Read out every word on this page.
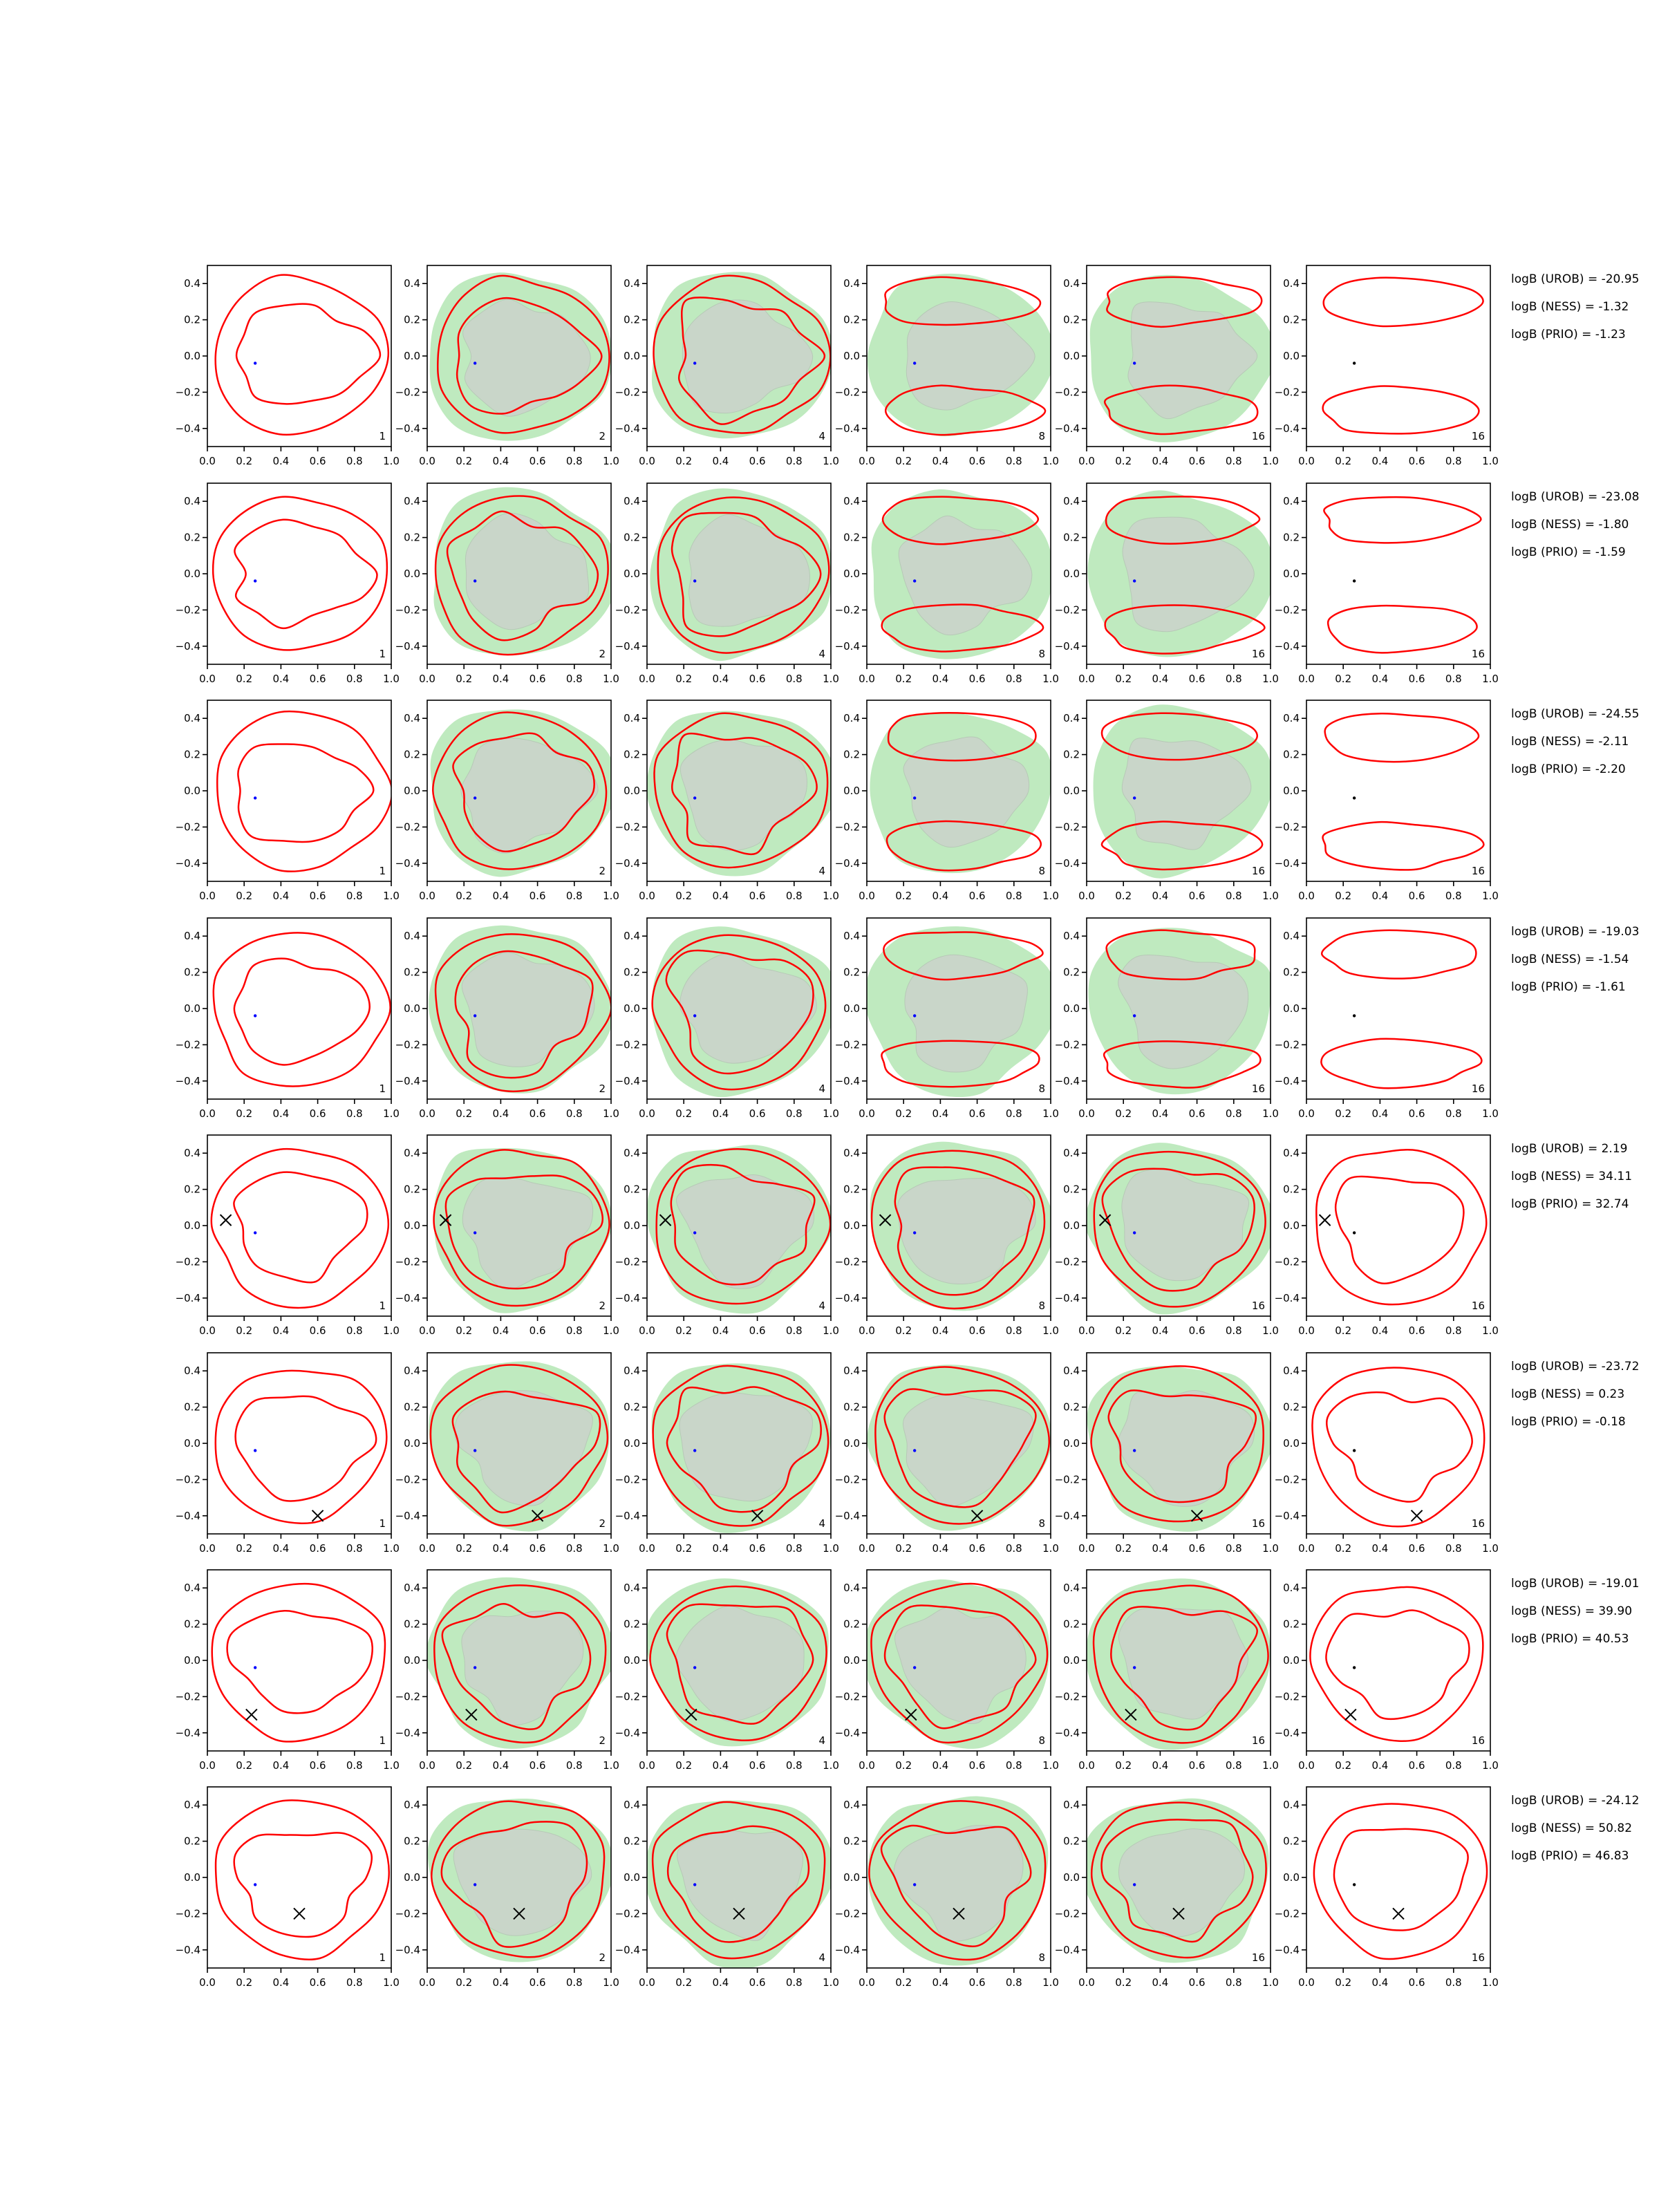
0.0 0.2 0.4 0.6 0.8 1.0
−0.4
−0.2
0.0
0.2
0.4
1
0.0 0.2 0.4 0.6 0.8 1.0
−0.4
−0.2
0.0
0.2
0.4
2
0.0 0.2 0.4 0.6 0.8 1.0
−0.4
−0.2
0.0
0.2
0.4
4
0.0 0.2 0.4 0.6 0.8 1.0
−0.4
−0.2
0.0
0.2
0.4
8
0.0 0.2 0.4 0.6 0.8 1.0
−0.4
−0.2
0.0
0.2
0.4
16
0.0 0.2 0.4 0.6 0.8 1.0
−0.4
−0.2
0.0
0.2
0.4
16
0.0 0.2 0.4 0.6 0.8 1.0
−0.4
−0.2
0.0
0.2
0.4
1
0.0 0.2 0.4 0.6 0.8 1.0
−0.4
−0.2
0.0
0.2
0.4
2
0.0 0.2 0.4 0.6 0.8 1.0
−0.4
−0.2
0.0
0.2
0.4
4
0.0 0.2 0.4 0.6 0.8 1.0
−0.4
−0.2
0.0
0.2
0.4
8
0.0 0.2 0.4 0.6 0.8 1.0
−0.4
−0.2
0.0
0.2
0.4
16
0.0 0.2 0.4 0.6 0.8 1.0
−0.4
−0.2
0.0
0.2
0.4
16
0.0 0.2 0.4 0.6 0.8 1.0
−0.4
−0.2
0.0
0.2
0.4
1
0.0 0.2 0.4 0.6 0.8 1.0
−0.4
−0.2
0.0
0.2
0.4
2
0.0 0.2 0.4 0.6 0.8 1.0
−0.4
−0.2
0.0
0.2
0.4
4
0.0 0.2 0.4 0.6 0.8 1.0
−0.4
−0.2
0.0
0.2
0.4
8
0.0 0.2 0.4 0.6 0.8 1.0
−0.4
−0.2
0.0
0.2
0.4
16
0.0 0.2 0.4 0.6 0.8 1.0
−0.4
−0.2
0.0
0.2
0.4
16
0.0 0.2 0.4 0.6 0.8 1.0
−0.4
−0.2
0.0
0.2
0.4
1
0.0 0.2 0.4 0.6 0.8 1.0
−0.4
−0.2
0.0
0.2
0.4
2
0.0 0.2 0.4 0.6 0.8 1.0
−0.4
−0.2
0.0
0.2
0.4
4
0.0 0.2 0.4 0.6 0.8 1.0
−0.4
−0.2
0.0
0.2
0.4
8
0.0 0.2 0.4 0.6 0.8 1.0
−0.4
−0.2
0.0
0.2
0.4
16
0.0 0.2 0.4 0.6 0.8 1.0
−0.4
−0.2
0.0
0.2
0.4
16
0.0 0.2 0.4 0.6 0.8 1.0
−0.4
−0.2
0.0
0.2
0.4
1
0.0 0.2 0.4 0.6 0.8 1.0
−0.4
−0.2
0.0
0.2
0.4
2
0.0 0.2 0.4 0.6 0.8 1.0
−0.4
−0.2
0.0
0.2
0.4
4
0.0 0.2 0.4 0.6 0.8 1.0
−0.4
−0.2
0.0
0.2
0.4
8
0.0 0.2 0.4 0.6 0.8 1.0
−0.4
−0.2
0.0
0.2
0.4
16
0.0 0.2 0.4 0.6 0.8 1.0
−0.4
−0.2
0.0
0.2
0.4
16
0.0 0.2 0.4 0.6 0.8 1.0
−0.4
−0.2
0.0
0.2
0.4
1
0.0 0.2 0.4 0.6 0.8 1.0
−0.4
−0.2
0.0
0.2
0.4
2
0.0 0.2 0.4 0.6 0.8 1.0
−0.4
−0.2
0.0
0.2
0.4
4
0.0 0.2 0.4 0.6 0.8 1.0
−0.4
−0.2
0.0
0.2
0.4
8
0.0 0.2 0.4 0.6 0.8 1.0
−0.4
−0.2
0.0
0.2
0.4
16
0.0 0.2 0.4 0.6 0.8 1.0
−0.4
−0.2
0.0
0.2
0.4
16
0.0 0.2 0.4 0.6 0.8 1.0
−0.4
−0.2
0.0
0.2
0.4
1
0.0 0.2 0.4 0.6 0.8 1.0
−0.4
−0.2
0.0
0.2
0.4
2
0.0 0.2 0.4 0.6 0.8 1.0
−0.4
−0.2
0.0
0.2
0.4
4
0.0 0.2 0.4 0.6 0.8 1.0
−0.4
−0.2
0.0
0.2
0.4
8
0.0 0.2 0.4 0.6 0.8 1.0
−0.4
−0.2
0.0
0.2
0.4
16
0.0 0.2 0.4 0.6 0.8 1.0
−0.4
−0.2
0.0
0.2
0.4
16
0.0 0.2 0.4 0.6 0.8 1.0
−0.4
−0.2
0.0
0.2
0.4
1
0.0 0.2 0.4 0.6 0.8 1.0
−0.4
−0.2
0.0
0.2
0.4
2
0.0 0.2 0.4 0.6 0.8 1.0
−0.4
−0.2
0.0
0.2
0.4
4
0.0 0.2 0.4 0.6 0.8 1.0
−0.4
−0.2
0.0
0.2
0.4
8
0.0 0.2 0.4 0.6 0.8 1.0
−0.4
−0.2
0.0
0.2
0.4
16
0.0 0.2 0.4 0.6 0.8 1.0
−0.4
−0.2
0.0
0.2
0.4
16
logB (UROB) = -20.95
logB (NESS) = -1.32
logB (PRIO) = -1.23
logB (UROB) = -23.08
logB (NESS) = -1.80
logB (PRIO) = -1.59
logB (UROB) = -24.55
logB (NESS) = -2.11
logB (PRIO) = -2.20
logB (UROB) = -19.03
logB (NESS) = -1.54
logB (PRIO) = -1.61
logB (UROB) = 2.19
logB (NESS) = 34.11
logB (PRIO) = 32.74
logB (UROB) = -23.72
logB (NESS) = 0.23
logB (PRIO) = -0.18
logB (UROB) = -19.01
logB (NESS) = 39.90
logB (PRIO) = 40.53
logB (UROB) = -24.12
logB (NESS) = 50.82
logB (PRIO) = 46.83
